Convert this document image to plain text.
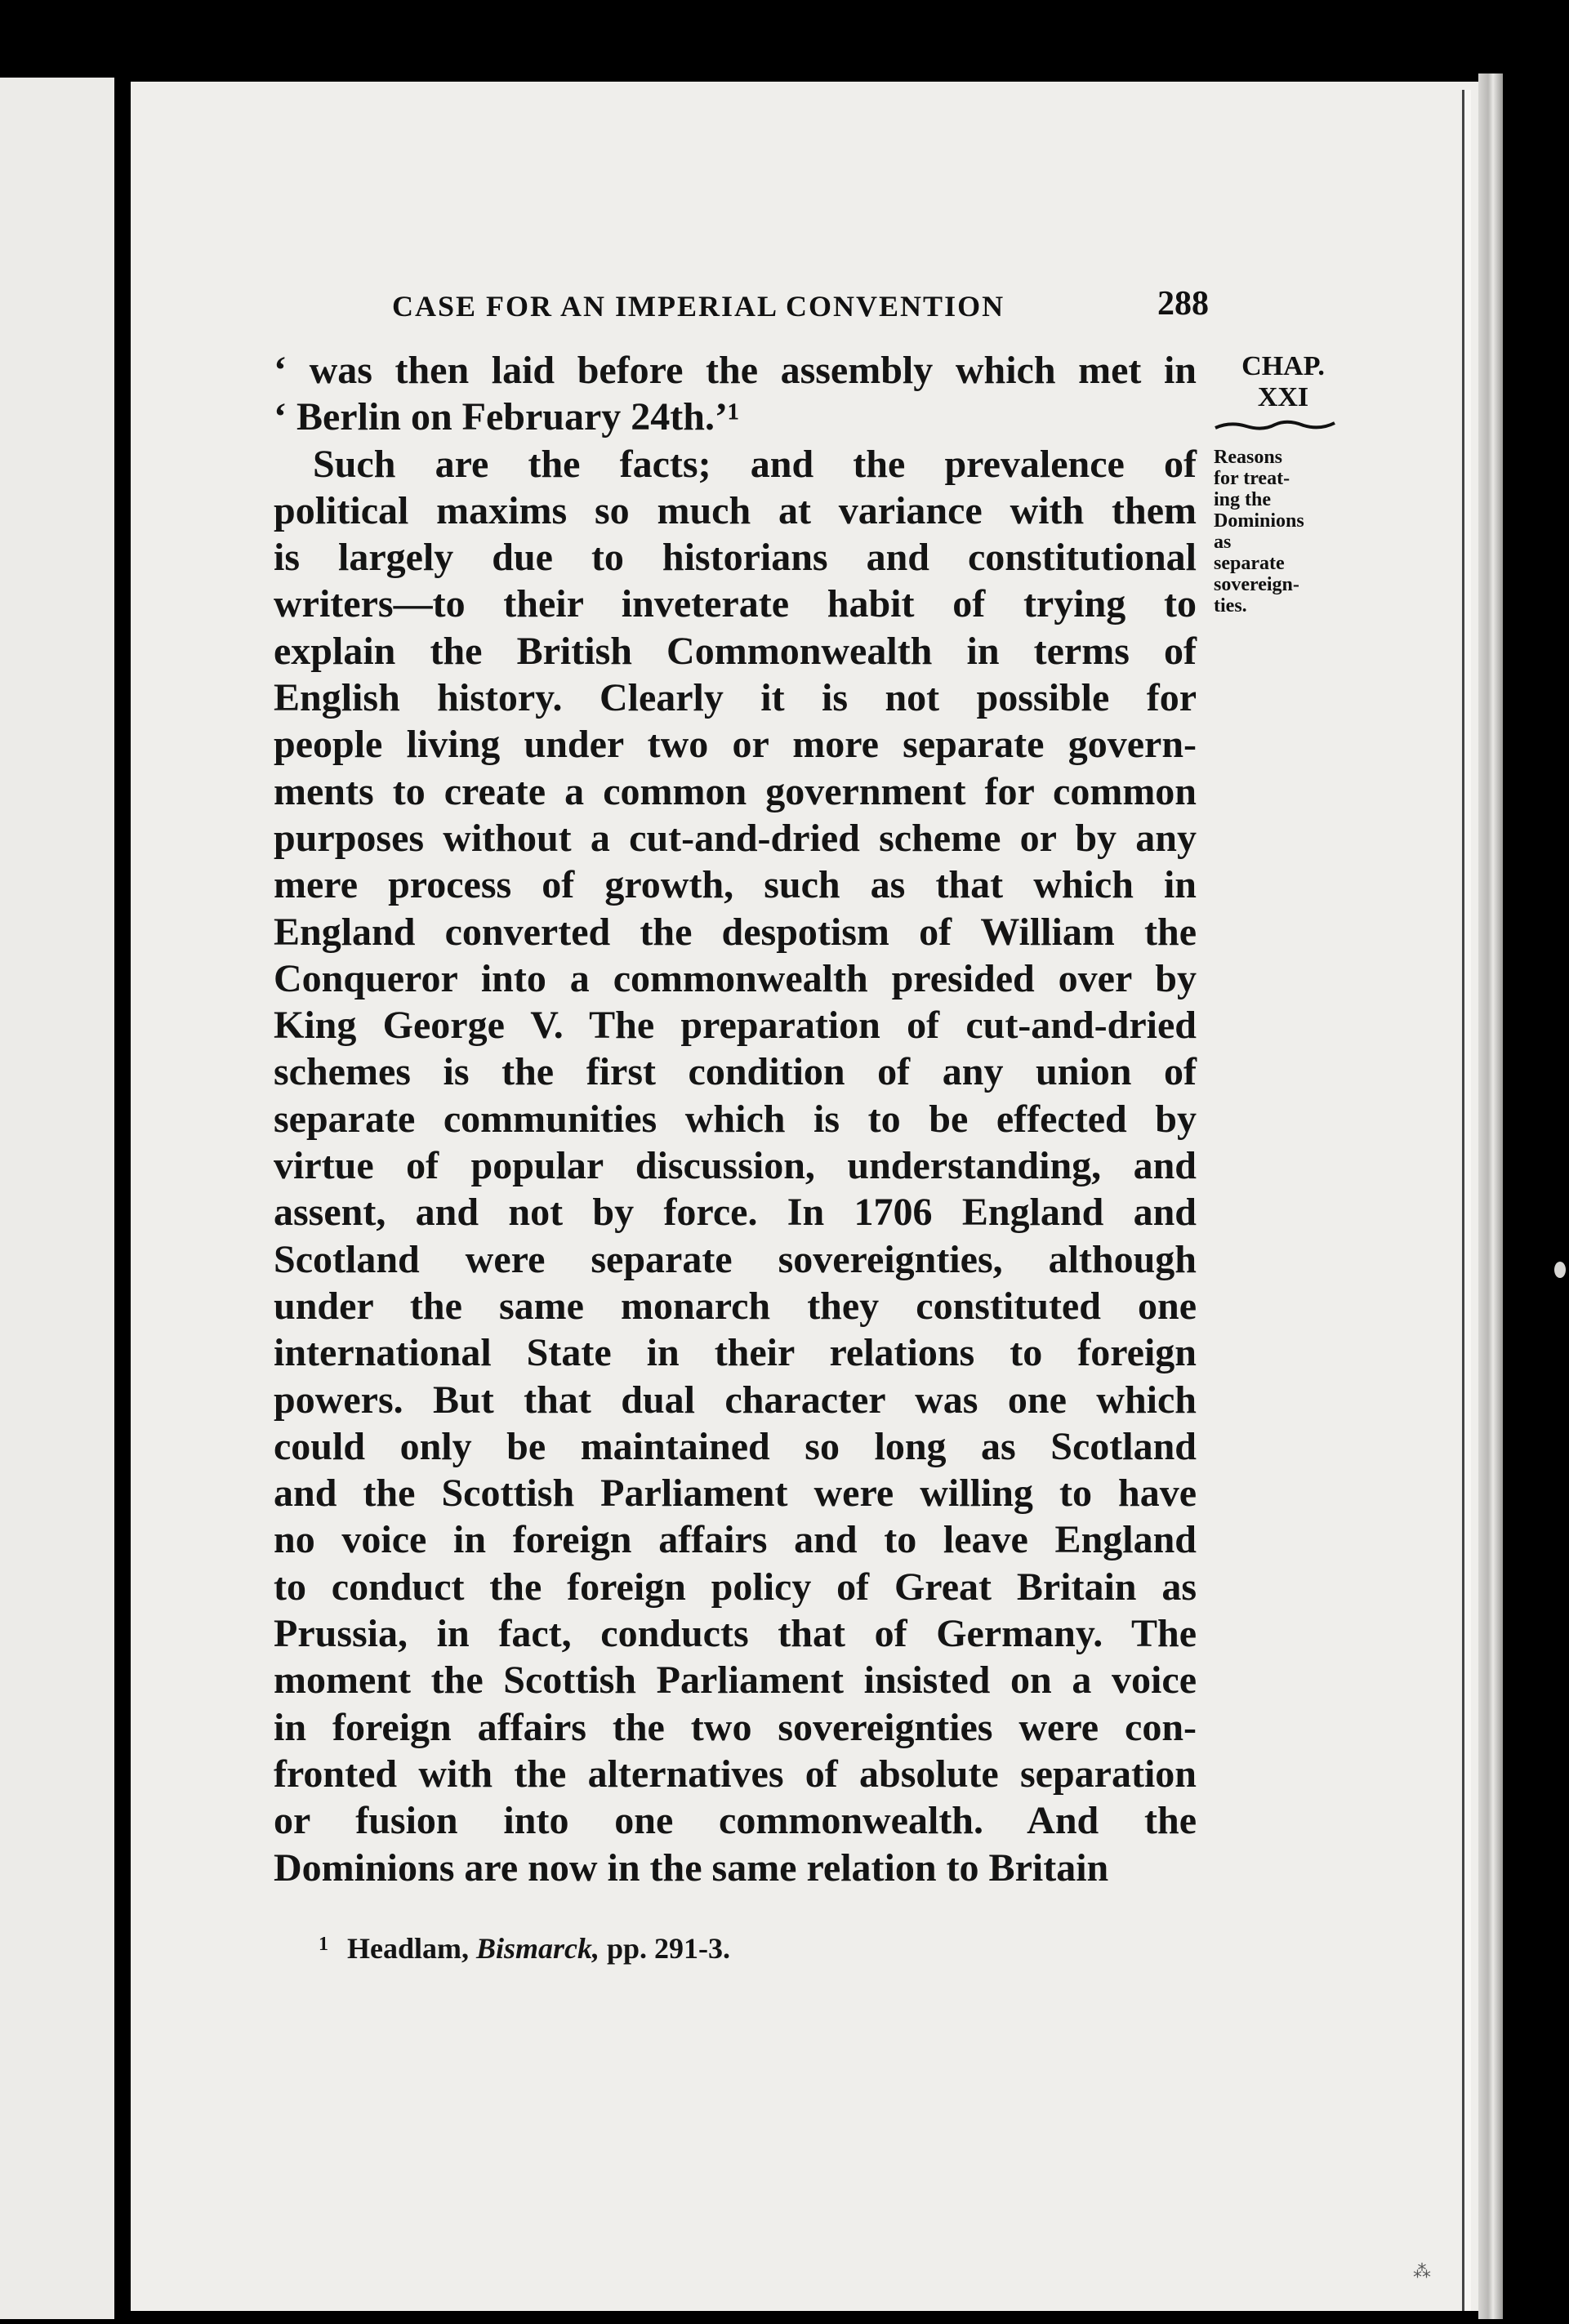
CASE FOR AN IMPERIAL CONVENTION	288
CHAP.
XXI
Reasons
for treat-
ing the
Dominions
as
separate
sovereign-
ties.
‘ was then laid before the assembly which met in
‘ Berlin on February 24th.’¹
Such are the facts; and the prevalence of
political maxims so much at variance with them
is largely due to historians and constitutional
writers—to their inveterate habit of trying to
explain the British Commonwealth in terms of
English history. Clearly it is not possible for
people living under two or more separate govern-
ments to create a common government for common
purposes without a cut-and-dried scheme or by any
mere process of growth, such as that which in
England converted the despotism of William the
Conqueror into a commonwealth presided over by
King George V. The preparation of cut-and-dried
schemes is the first condition of any union of
separate communities which is to be effected by
virtue of popular discussion, understanding, and
assent, and not by force. In 1706 England and
Scotland were separate sovereignties, although
under the same monarch they constituted one
international State in their relations to foreign
powers. But that dual character was one which
could only be maintained so long as Scotland
and the Scottish Parliament were willing to have
no voice in foreign affairs and to leave England
to conduct the foreign policy of Great Britain as
Prussia, in fact, conducts that of Germany. The
moment the Scottish Parliament insisted on a voice
in foreign affairs the two sovereignties were con-
fronted with the alternatives of absolute separation
or fusion into one commonwealth. And the
Dominions are now in the same relation to Britain
$^1$ Headlam, Bismarck, pp. 291-3.
⁂
